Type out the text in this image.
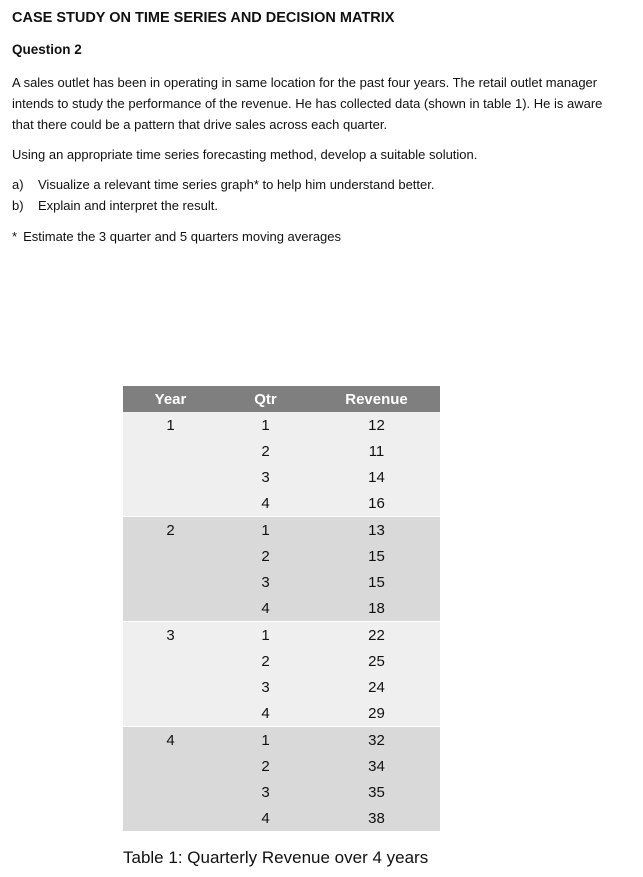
CASE STUDY ON TIME SERIES AND DECISION MATRIX
Question 2
A sales outlet has been in operating in same location for the past four years. The retail outlet manager intends to study the performance of the revenue. He has collected data (shown in table 1). He is aware that there could be a pattern that drive sales across each quarter.
Using an appropriate time series forecasting method, develop a suitable solution.
a)	Visualize a relevant time series graph* to help him understand better.
b)	Explain and interpret the result.
* Estimate the 3 quarter and 5 quarters moving averages
Year	Qtr	Revenue
1	1	12
	2	11
	3	14
	4	16
2	1	13
	2	15
	3	15
	4	18
3	1	22
	2	25
	3	24
	4	29
4	1	32
	2	34
	3	35
	4	38
Table 1: Quarterly Revenue over 4 years
